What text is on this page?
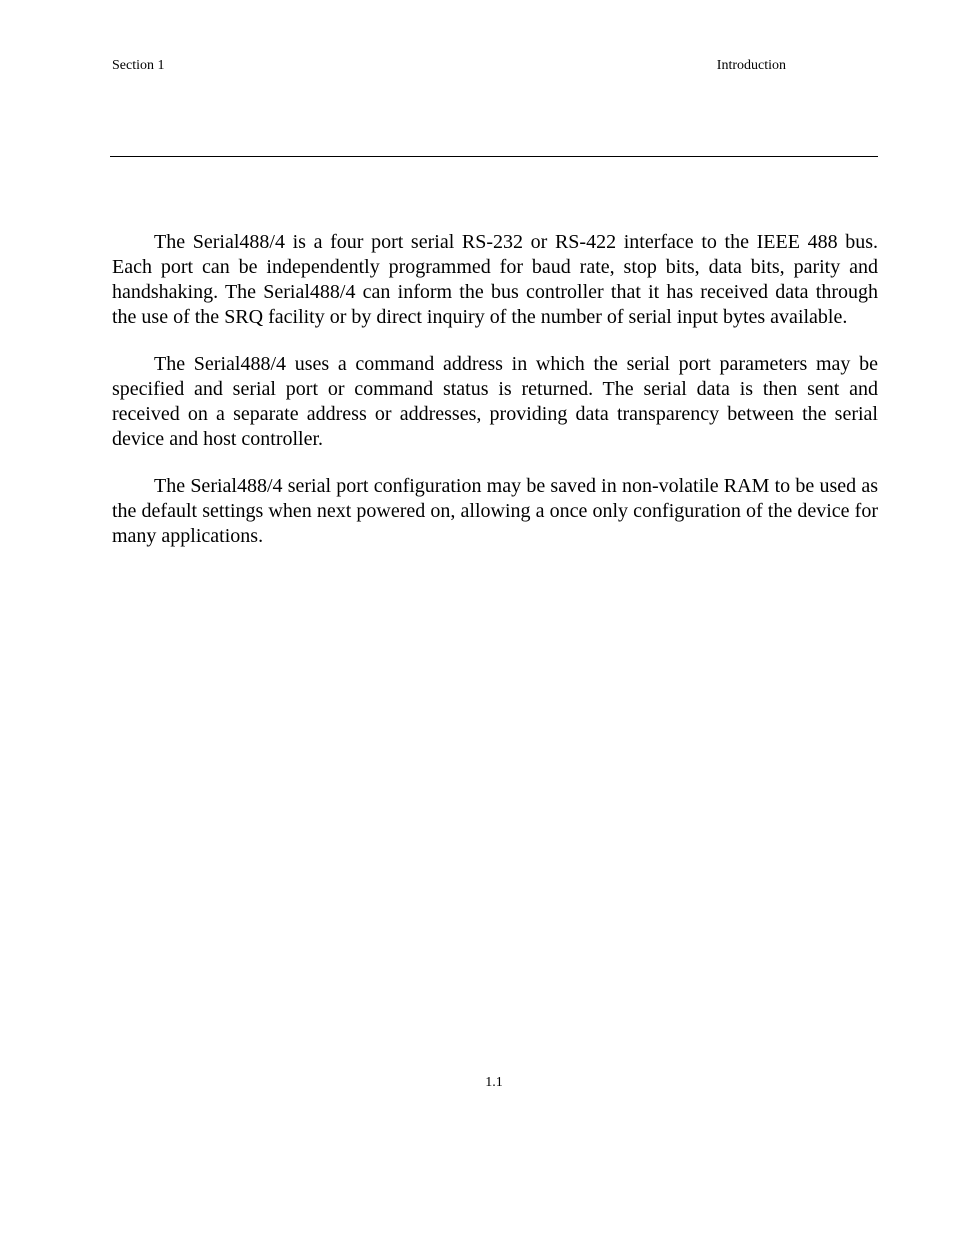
Section 1	Introduction

The Serial488/4 is a four port serial RS-232 or RS-422 interface to the IEEE 488 bus. Each port can be independently programmed for baud rate, stop bits, data bits, parity and handshaking. The Serial488/4 can inform the bus controller that it has received data through the use of the SRQ facility or by direct inquiry of the number of serial input bytes available.

The Serial488/4 uses a command address in which the serial port parameters may be specified and serial port or command status is returned. The serial data is then sent and received on a separate address or addresses, providing data transparency between the serial device and host controller.

The Serial488/4 serial port configuration may be saved in non-volatile RAM to be used as the default settings when next powered on, allowing a once only configuration of the device for many applications.

1.1
